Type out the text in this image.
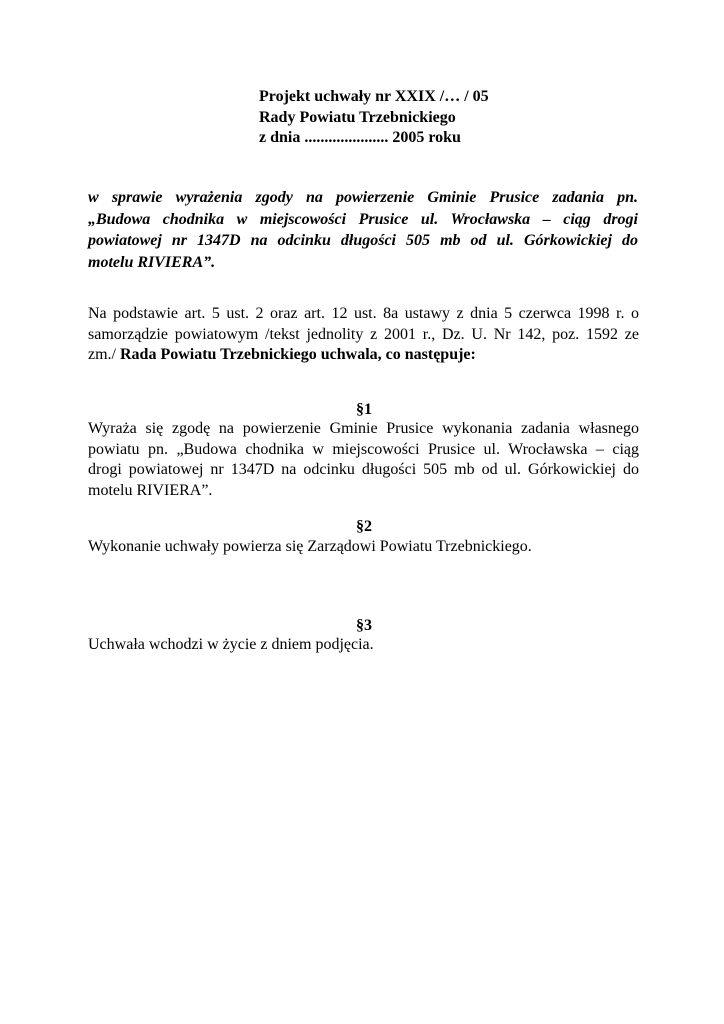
Projekt uchwały nr XXIX /… / 05
Rady Powiatu Trzebnickiego
z dnia ..................... 2005 roku
w sprawie wyrażenia zgody na powierzenie Gminie Prusice zadania pn.
„Budowa chodnika w miejscowości Prusice ul. Wrocławska – ciąg drogi
powiatowej nr 1347D na odcinku długości 505 mb od ul. Górkowickiej do
motelu RIVIERA”.
Na podstawie art. 5 ust. 2 oraz art. 12 ust. 8a ustawy z dnia 5 czerwca 1998 r. o
samorządzie powiatowym /tekst jednolity z 2001 r., Dz. U. Nr 142, poz. 1592 ze
zm./ Rada Powiatu Trzebnickiego uchwala, co następuje:
§1
Wyraża się zgodę na powierzenie Gminie Prusice wykonania zadania własnego
powiatu pn. „Budowa chodnika w miejscowości Prusice ul. Wrocławska – ciąg
drogi powiatowej nr 1347D na odcinku długości 505 mb od ul. Górkowickiej do
motelu RIVIERA”.
§2
Wykonanie uchwały powierza się Zarządowi Powiatu Trzebnickiego.
§3
Uchwała wchodzi w życie z dniem podjęcia.
